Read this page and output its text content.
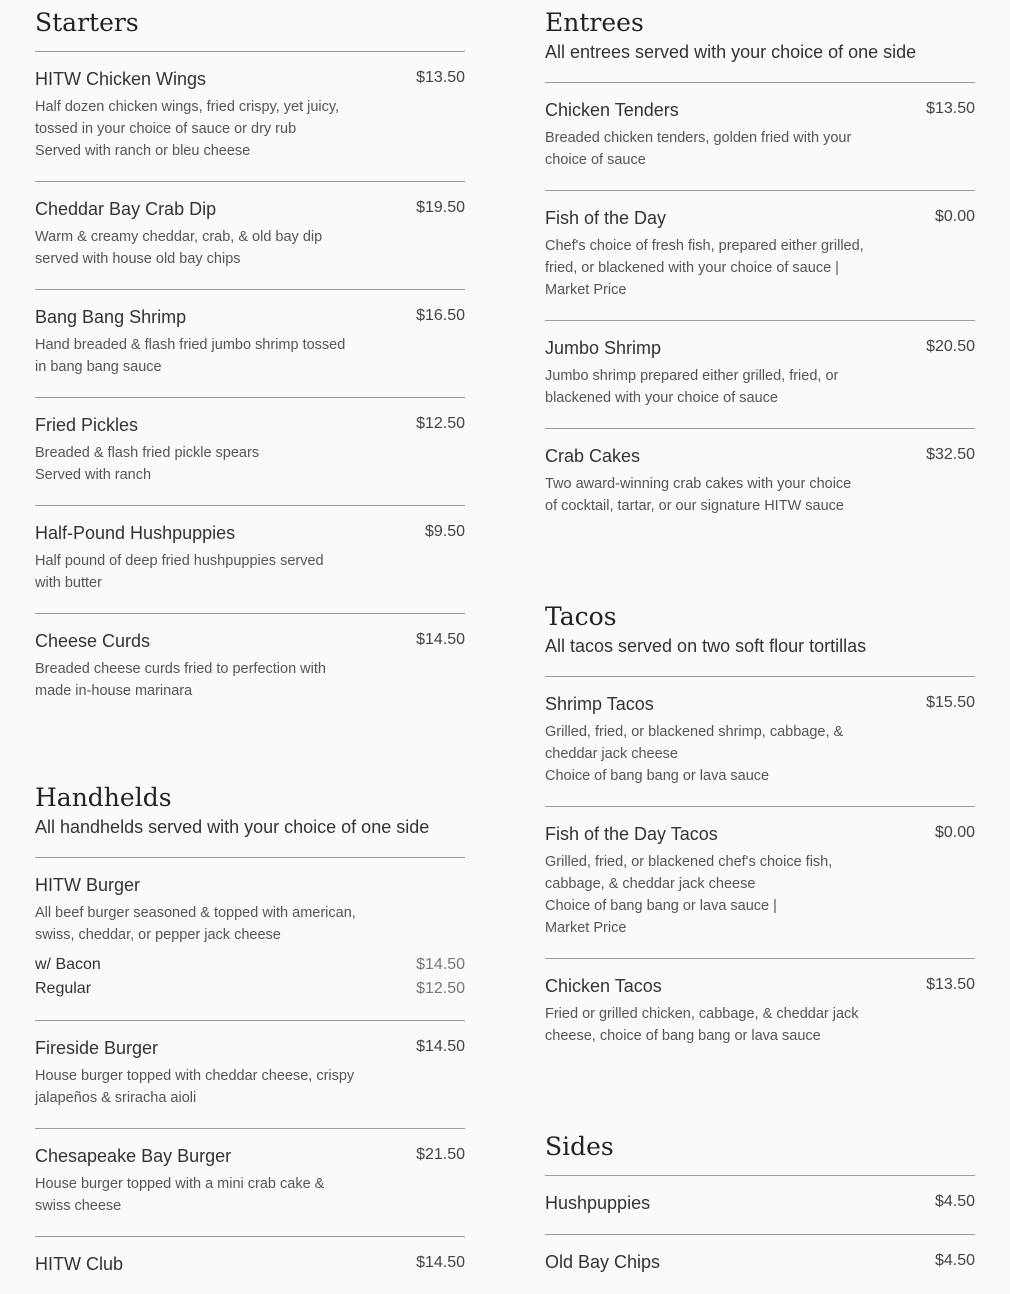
Starters
HITW Chicken Wings	$13.50
Half dozen chicken wings, fried crispy, yet juicy,
tossed in your choice of sauce or dry rub
Served with ranch or bleu cheese
Cheddar Bay Crab Dip	$19.50
Warm & creamy cheddar, crab, & old bay dip
served with house old bay chips
Bang Bang Shrimp	$16.50
Hand breaded & flash fried jumbo shrimp tossed
in bang bang sauce
Fried Pickles	$12.50
Breaded & flash fried pickle spears
Served with ranch
Half-Pound Hushpuppies	$9.50
Half pound of deep fried hushpuppies served
with butter
Cheese Curds	$14.50
Breaded cheese curds fried to perfection with
made in-house marinara
Handhelds
All handhelds served with your choice of one side
HITW Burger
All beef burger seasoned & topped with american,
swiss, cheddar, or pepper jack cheese
w/ Bacon	$14.50
Regular	$12.50
Fireside Burger	$14.50
House burger topped with cheddar cheese, crispy
jalapeños & sriracha aioli
Chesapeake Bay Burger	$21.50
House burger topped with a mini crab cake &
swiss cheese
HITW Club	$14.50
Entrees
All entrees served with your choice of one side
Chicken Tenders	$13.50
Breaded chicken tenders, golden fried with your
choice of sauce
Fish of the Day	$0.00
Chef's choice of fresh fish, prepared either grilled,
fried, or blackened with your choice of sauce |
Market Price
Jumbo Shrimp	$20.50
Jumbo shrimp prepared either grilled, fried, or
blackened with your choice of sauce
Crab Cakes	$32.50
Two award-winning crab cakes with your choice
of cocktail, tartar, or our signature HITW sauce
Tacos
All tacos served on two soft flour tortillas
Shrimp Tacos	$15.50
Grilled, fried, or blackened shrimp, cabbage, &
cheddar jack cheese
Choice of bang bang or lava sauce
Fish of the Day Tacos	$0.00
Grilled, fried, or blackened chef's choice fish,
cabbage, & cheddar jack cheese
Choice of bang bang or lava sauce |
Market Price
Chicken Tacos	$13.50
Fried or grilled chicken, cabbage, & cheddar jack
cheese, choice of bang bang or lava sauce
Sides
Hushpuppies	$4.50
Old Bay Chips	$4.50
